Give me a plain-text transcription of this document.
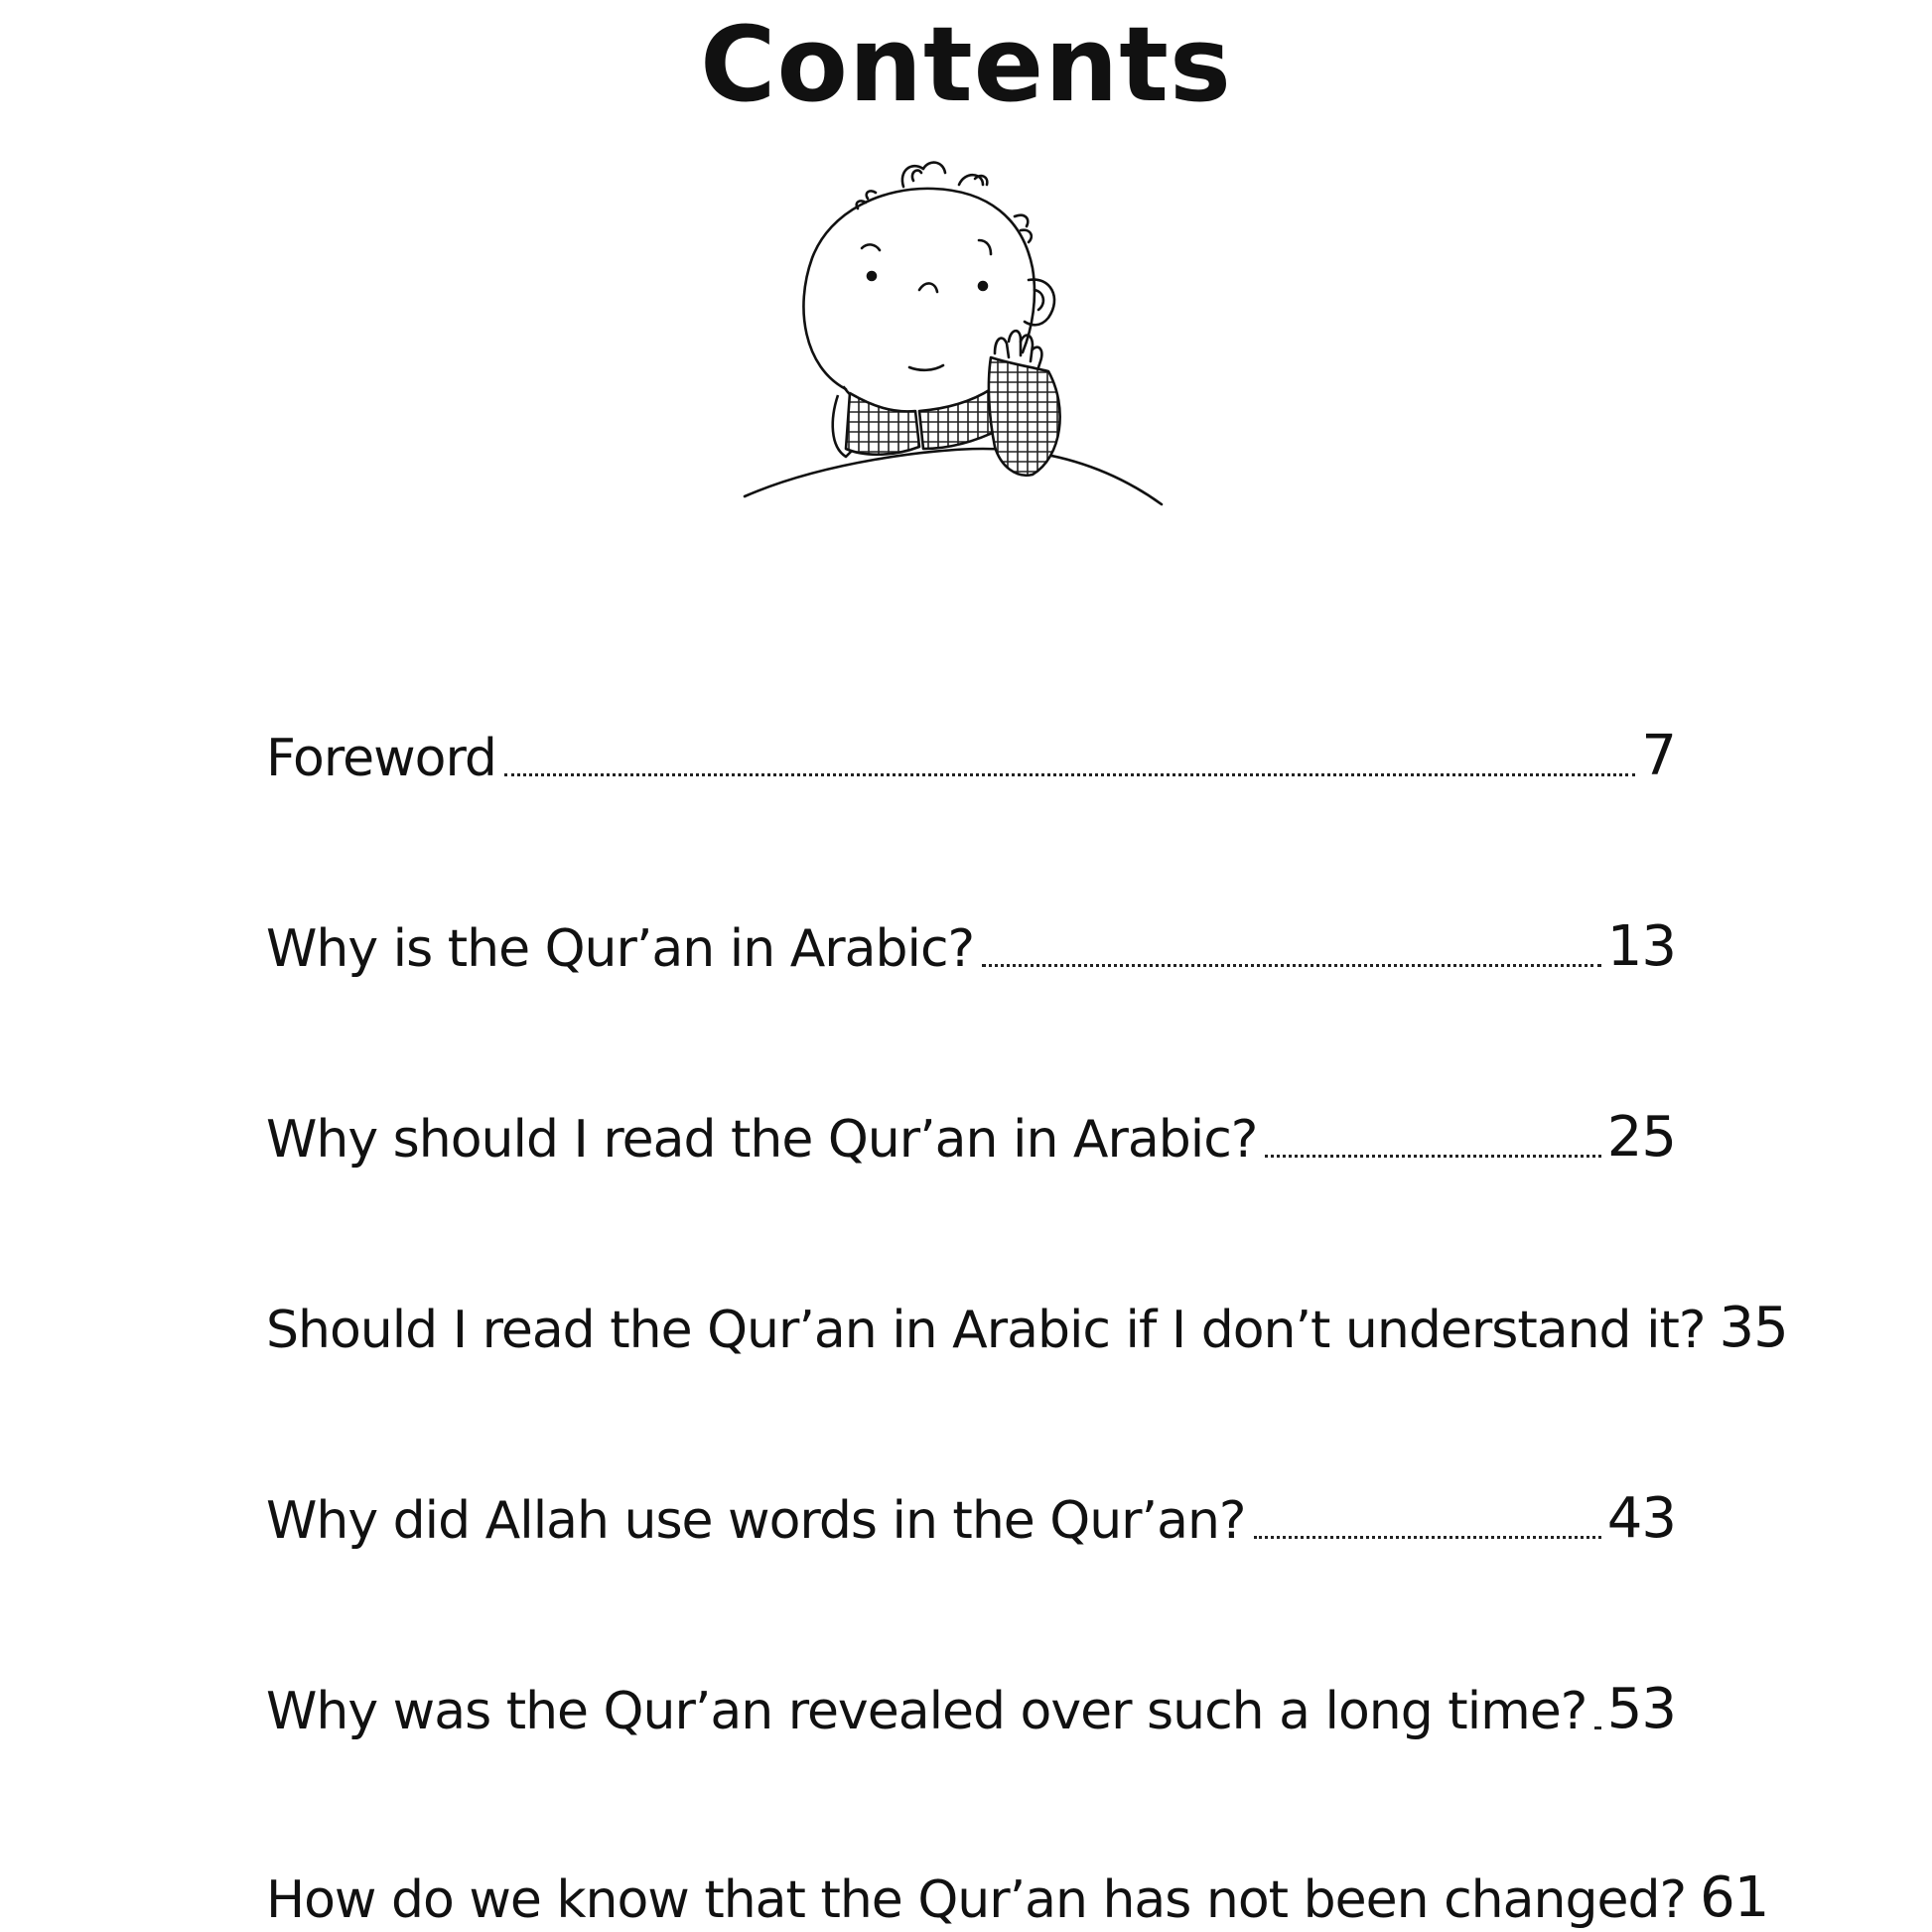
Contents
Foreword	7
Why is the Qur’an in Arabic?	13
Why should I read the Qur’an in Arabic?	25
Should I read the Qur’an in Arabic if I don’t understand it? 35
Why did Allah use words in the Qur’an?	43
Why was the Qur’an revealed over such a long time? 53
How do we know that the Qur’an has not been changed? 61
